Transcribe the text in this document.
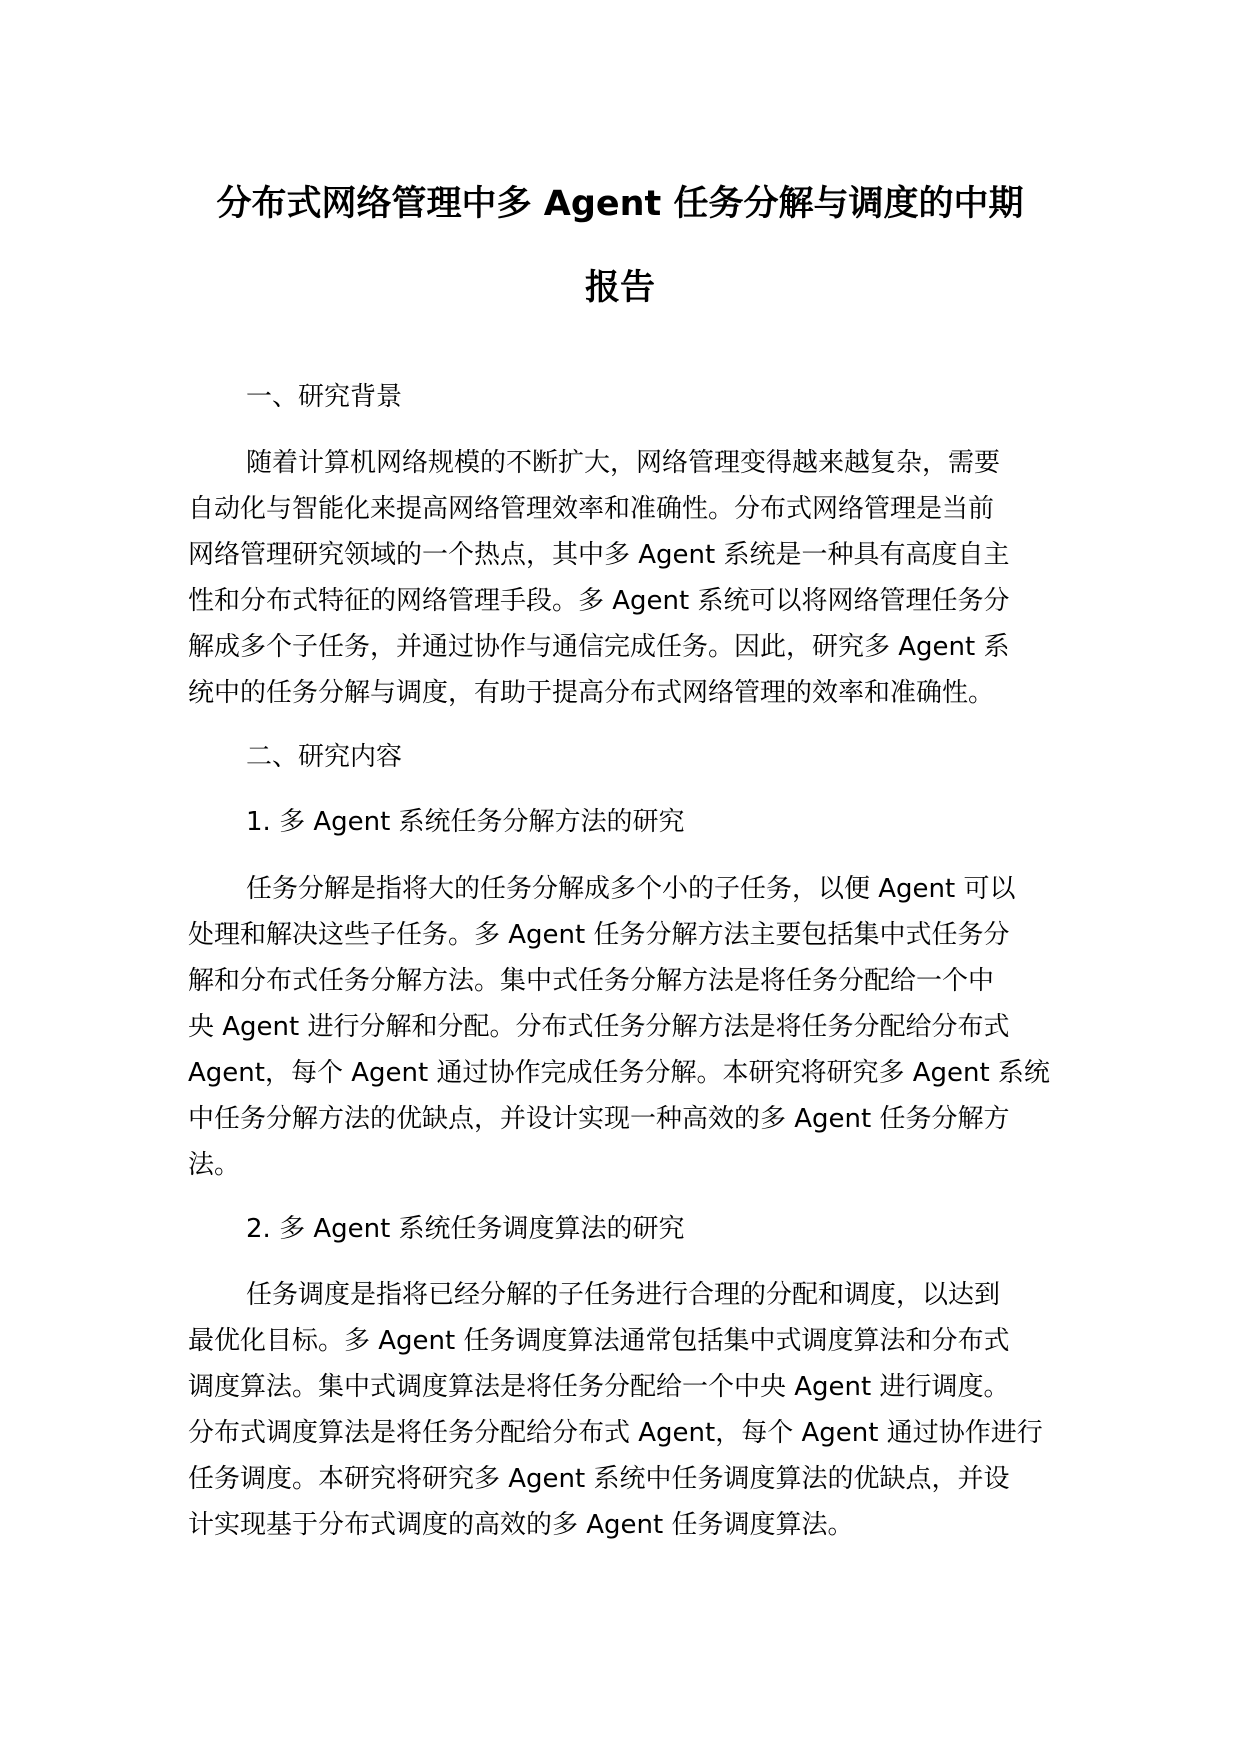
分布式网络管理中多 Agent 任务分解与调度的中期
报告

一、研究背景

随着计算机网络规模的不断扩大，网络管理变得越来越复杂，需要

自动化与智能化来提高网络管理效率和准确性。分布式网络管理是当前

网络管理研究领域的一个热点，其中多 Agent 系统是一种具有高度自主

性和分布式特征的网络管理手段。多 Agent 系统可以将网络管理任务分

解成多个子任务，并通过协作与通信完成任务。因此，研究多 Agent 系

统中的任务分解与调度，有助于提高分布式网络管理的效率和准确性。

二、研究内容

1. 多 Agent 系统任务分解方法的研究

任务分解是指将大的任务分解成多个小的子任务，以便 Agent 可以

处理和解决这些子任务。多 Agent 任务分解方法主要包括集中式任务分

解和分布式任务分解方法。集中式任务分解方法是将任务分配给一个中

央 Agent 进行分解和分配。分布式任务分解方法是将任务分配给分布式

Agent，每个 Agent 通过协作完成任务分解。本研究将研究多 Agent 系统

中任务分解方法的优缺点，并设计实现一种高效的多 Agent 任务分解方

法。

2. 多 Agent 系统任务调度算法的研究

任务调度是指将已经分解的子任务进行合理的分配和调度，以达到

最优化目标。多 Agent 任务调度算法通常包括集中式调度算法和分布式

调度算法。集中式调度算法是将任务分配给一个中央 Agent 进行调度。

分布式调度算法是将任务分配给分布式 Agent，每个 Agent 通过协作进行

任务调度。本研究将研究多 Agent 系统中任务调度算法的优缺点，并设

计实现基于分布式调度的高效的多 Agent 任务调度算法。
